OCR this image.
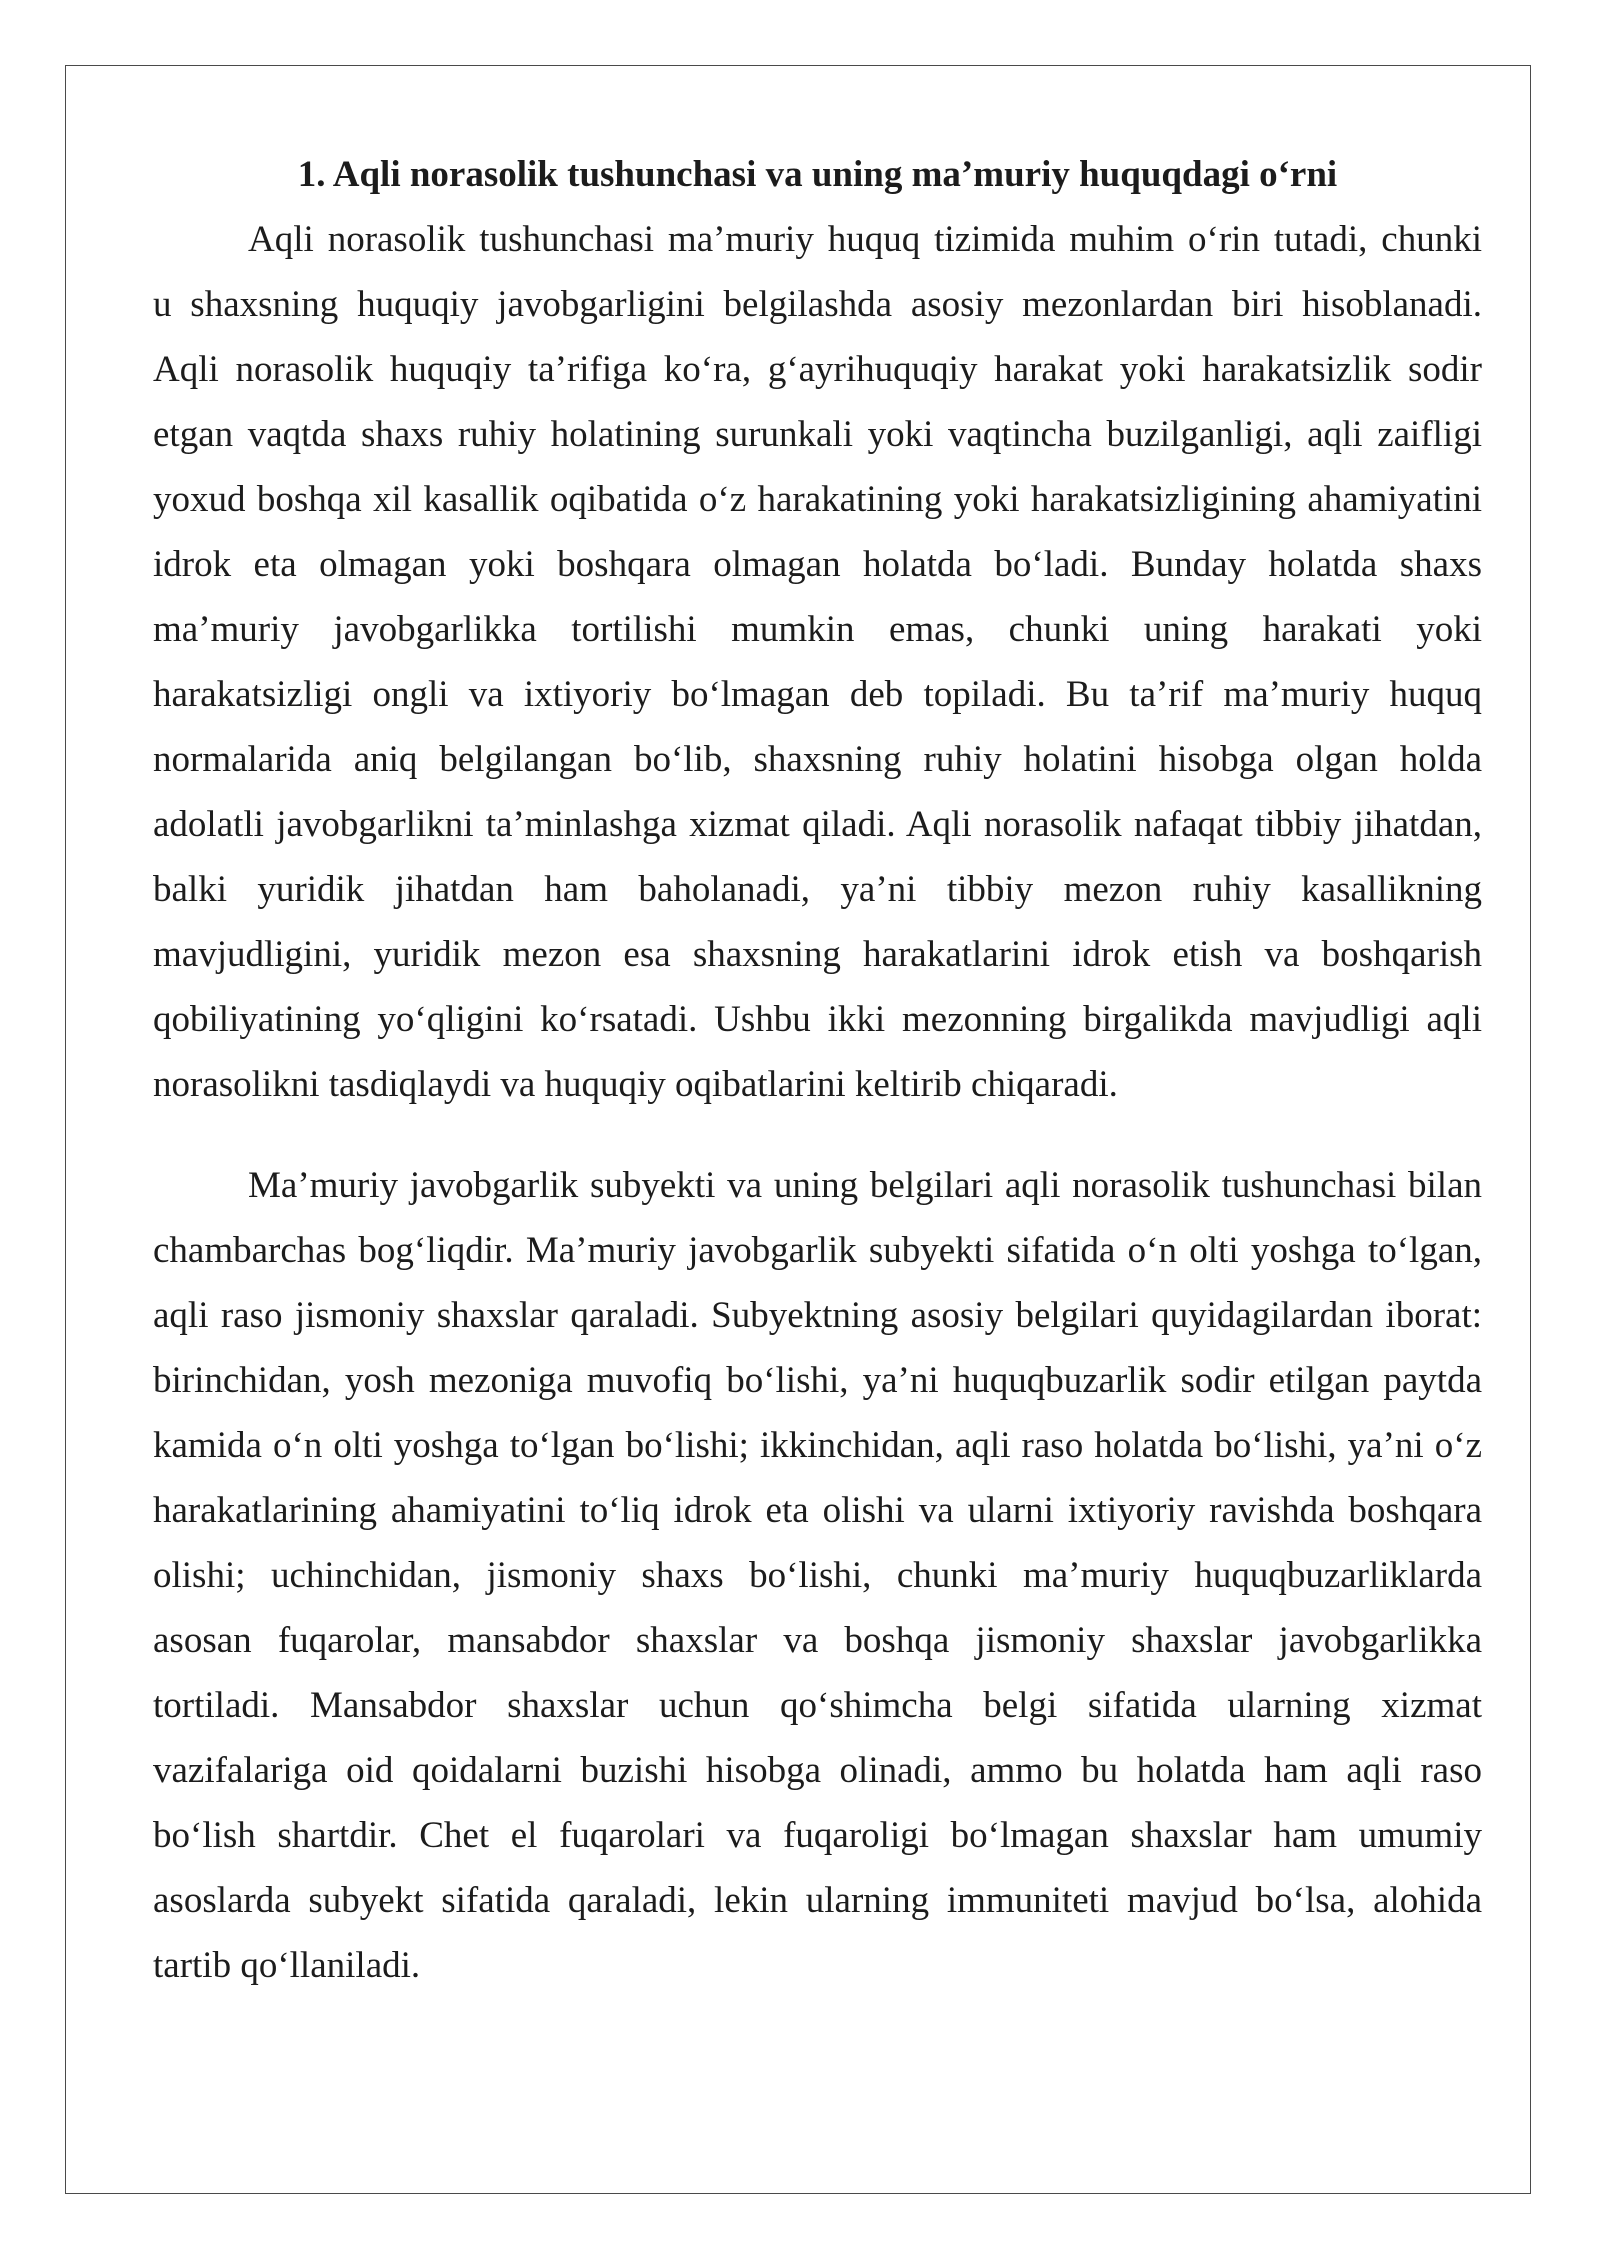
1. Aqli norasolik tushunchasi va uning ma’muriy huquqdagi o‘rni
Aqli norasolik tushunchasi ma’muriy huquq tizimida muhim o‘rin tutadi, chunki
u shaxsning huquqiy javobgarligini belgilashda asosiy mezonlardan biri hisoblanadi.
Aqli norasolik huquqiy ta’rifiga ko‘ra, g‘ayrihuquqiy harakat yoki harakatsizlik sodir
etgan vaqtda shaxs ruhiy holatining surunkali yoki vaqtincha buzilganligi, aqli zaifligi
yoxud boshqa xil kasallik oqibatida o‘z harakatining yoki harakatsizligining ahamiyatini
idrok eta olmagan yoki boshqara olmagan holatda bo‘ladi. Bunday holatda shaxs
ma’muriy javobgarlikka tortilishi mumkin emas, chunki uning harakati yoki
harakatsizligi ongli va ixtiyoriy bo‘lmagan deb topiladi. Bu ta’rif ma’muriy huquq
normalarida aniq belgilangan bo‘lib, shaxsning ruhiy holatini hisobga olgan holda
adolatli javobgarlikni ta’minlashga xizmat qiladi. Aqli norasolik nafaqat tibbiy jihatdan,
balki yuridik jihatdan ham baholanadi, ya’ni tibbiy mezon ruhiy kasallikning
mavjudligini, yuridik mezon esa shaxsning harakatlarini idrok etish va boshqarish
qobiliyatining yo‘qligini ko‘rsatadi. Ushbu ikki mezonning birgalikda mavjudligi aqli
norasolikni tasdiqlaydi va huquqiy oqibatlarini keltirib chiqaradi.
Ma’muriy javobgarlik subyekti va uning belgilari aqli norasolik tushunchasi bilan
chambarchas bog‘liqdir. Ma’muriy javobgarlik subyekti sifatida o‘n olti yoshga to‘lgan,
aqli raso jismoniy shaxslar qaraladi. Subyektning asosiy belgilari quyidagilardan iborat:
birinchidan, yosh mezoniga muvofiq bo‘lishi, ya’ni huquqbuzarlik sodir etilgan paytda
kamida o‘n olti yoshga to‘lgan bo‘lishi; ikkinchidan, aqli raso holatda bo‘lishi, ya’ni o‘z
harakatlarining ahamiyatini to‘liq idrok eta olishi va ularni ixtiyoriy ravishda boshqara
olishi; uchinchidan, jismoniy shaxs bo‘lishi, chunki ma’muriy huquqbuzarliklarda
asosan fuqarolar, mansabdor shaxslar va boshqa jismoniy shaxslar javobgarlikka
tortiladi. Mansabdor shaxslar uchun qo‘shimcha belgi sifatida ularning xizmat
vazifalariga oid qoidalarni buzishi hisobga olinadi, ammo bu holatda ham aqli raso
bo‘lish shartdir. Chet el fuqarolari va fuqaroligi bo‘lmagan shaxslar ham umumiy
asoslarda subyekt sifatida qaraladi, lekin ularning immuniteti mavjud bo‘lsa, alohida
tartib qo‘llaniladi.
